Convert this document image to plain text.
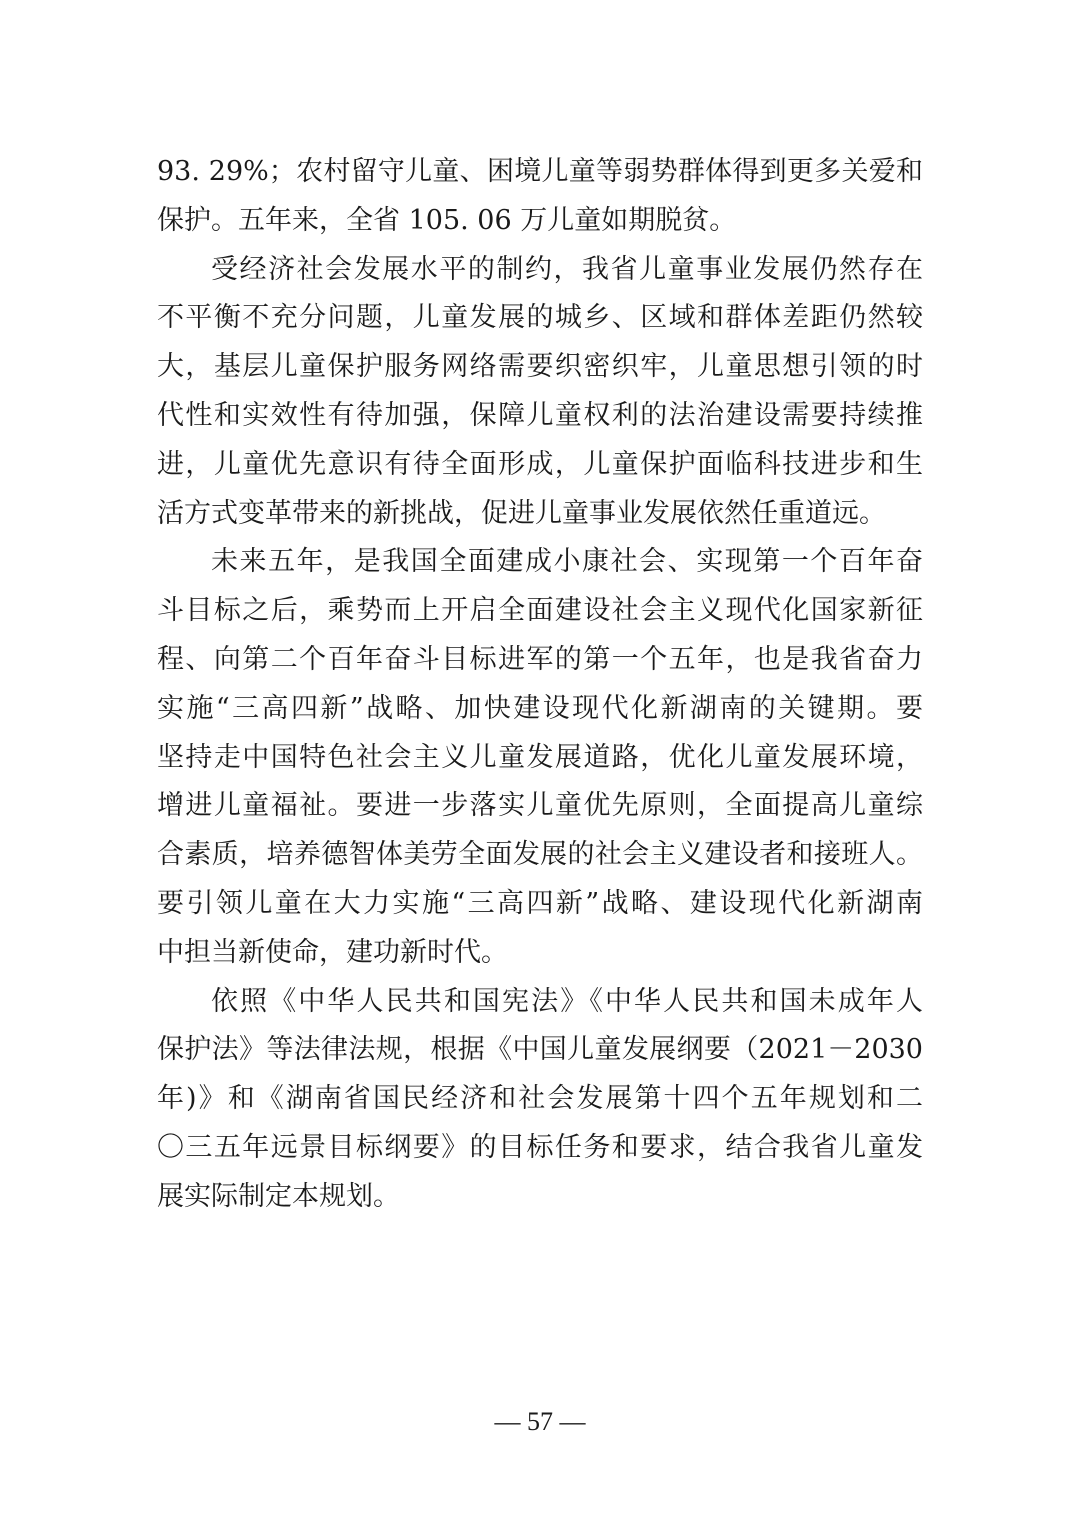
93. 29%；农村留守儿童、困境儿童等弱势群体得到更多关爱和
保护。五年来，全省 105. 06 万儿童如期脱贫。
受经济社会发展水平的制约，我省儿童事业发展仍然存在
不平衡不充分问题，儿童发展的城乡、区域和群体差距仍然较
大，基层儿童保护服务网络需要织密织牢，儿童思想引领的时
代性和实效性有待加强，保障儿童权利的法治建设需要持续推
进，儿童优先意识有待全面形成，儿童保护面临科技进步和生
活方式变革带来的新挑战，促进儿童事业发展依然任重道远。
未来五年，是我国全面建成小康社会、实现第一个百年奋
斗目标之后，乘势而上开启全面建设社会主义现代化国家新征
程、向第二个百年奋斗目标进军的第一个五年，也是我省奋力
实施“三高四新”战略、加快建设现代化新湖南的关键期。要
坚持走中国特色社会主义儿童发展道路，优化儿童发展环境，
增进儿童福祉。要进一步落实儿童优先原则，全面提高儿童综
合素质，培养德智体美劳全面发展的社会主义建设者和接班人。
要引领儿童在大力实施“三高四新”战略、建设现代化新湖南
中担当新使命，建功新时代。
依照《中华人民共和国宪法》《中华人民共和国未成年人
保护法》等法律法规，根据《中国儿童发展纲要（2021－2030
年)》和《湖南省国民经济和社会发展第十四个五年规划和二
〇三五年远景目标纲要》的目标任务和要求，结合我省儿童发
展实际制定本规划。
— 57 —
